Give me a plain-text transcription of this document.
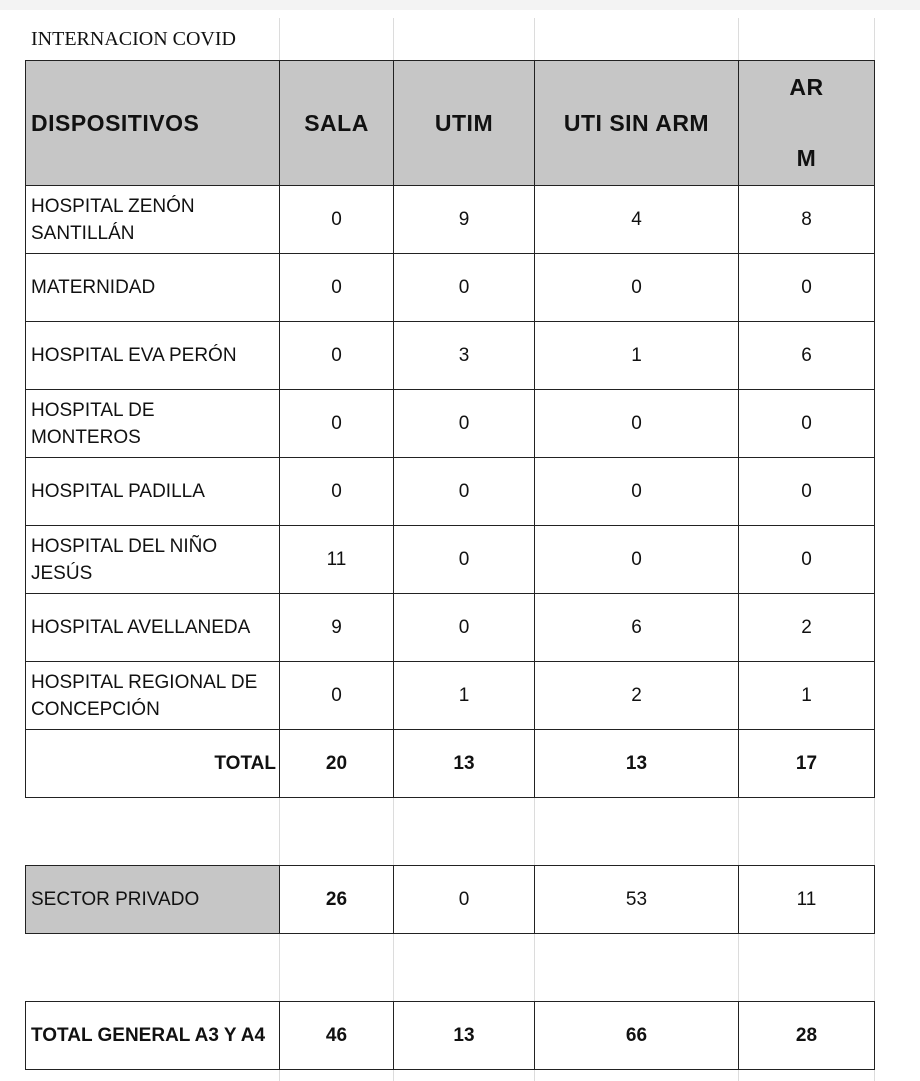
INTERNACION COVID
DISPOSITIVOS	SALA	UTIM	UTI SIN ARM	AR
M

HOSPITAL ZENÓN
SANTILLÁN	0	9	4	8
MATERNIDAD	0	0	0	0
HOSPITAL EVA PERÓN	0	3	1	6
HOSPITAL DE
MONTEROS	0	0	0	0
HOSPITAL PADILLA	0	0	0	0
HOSPITAL DEL NIÑO
JESÚS	11	0	0	0
HOSPITAL AVELLANEDA	9	0	6	2
HOSPITAL REGIONAL DE
CONCEPCIÓN	0	1	2	1
TOTAL	20	13	13	17

SECTOR PRIVADO	26	0	53	11

TOTAL GENERAL A3 Y A4	46	13	66	28
